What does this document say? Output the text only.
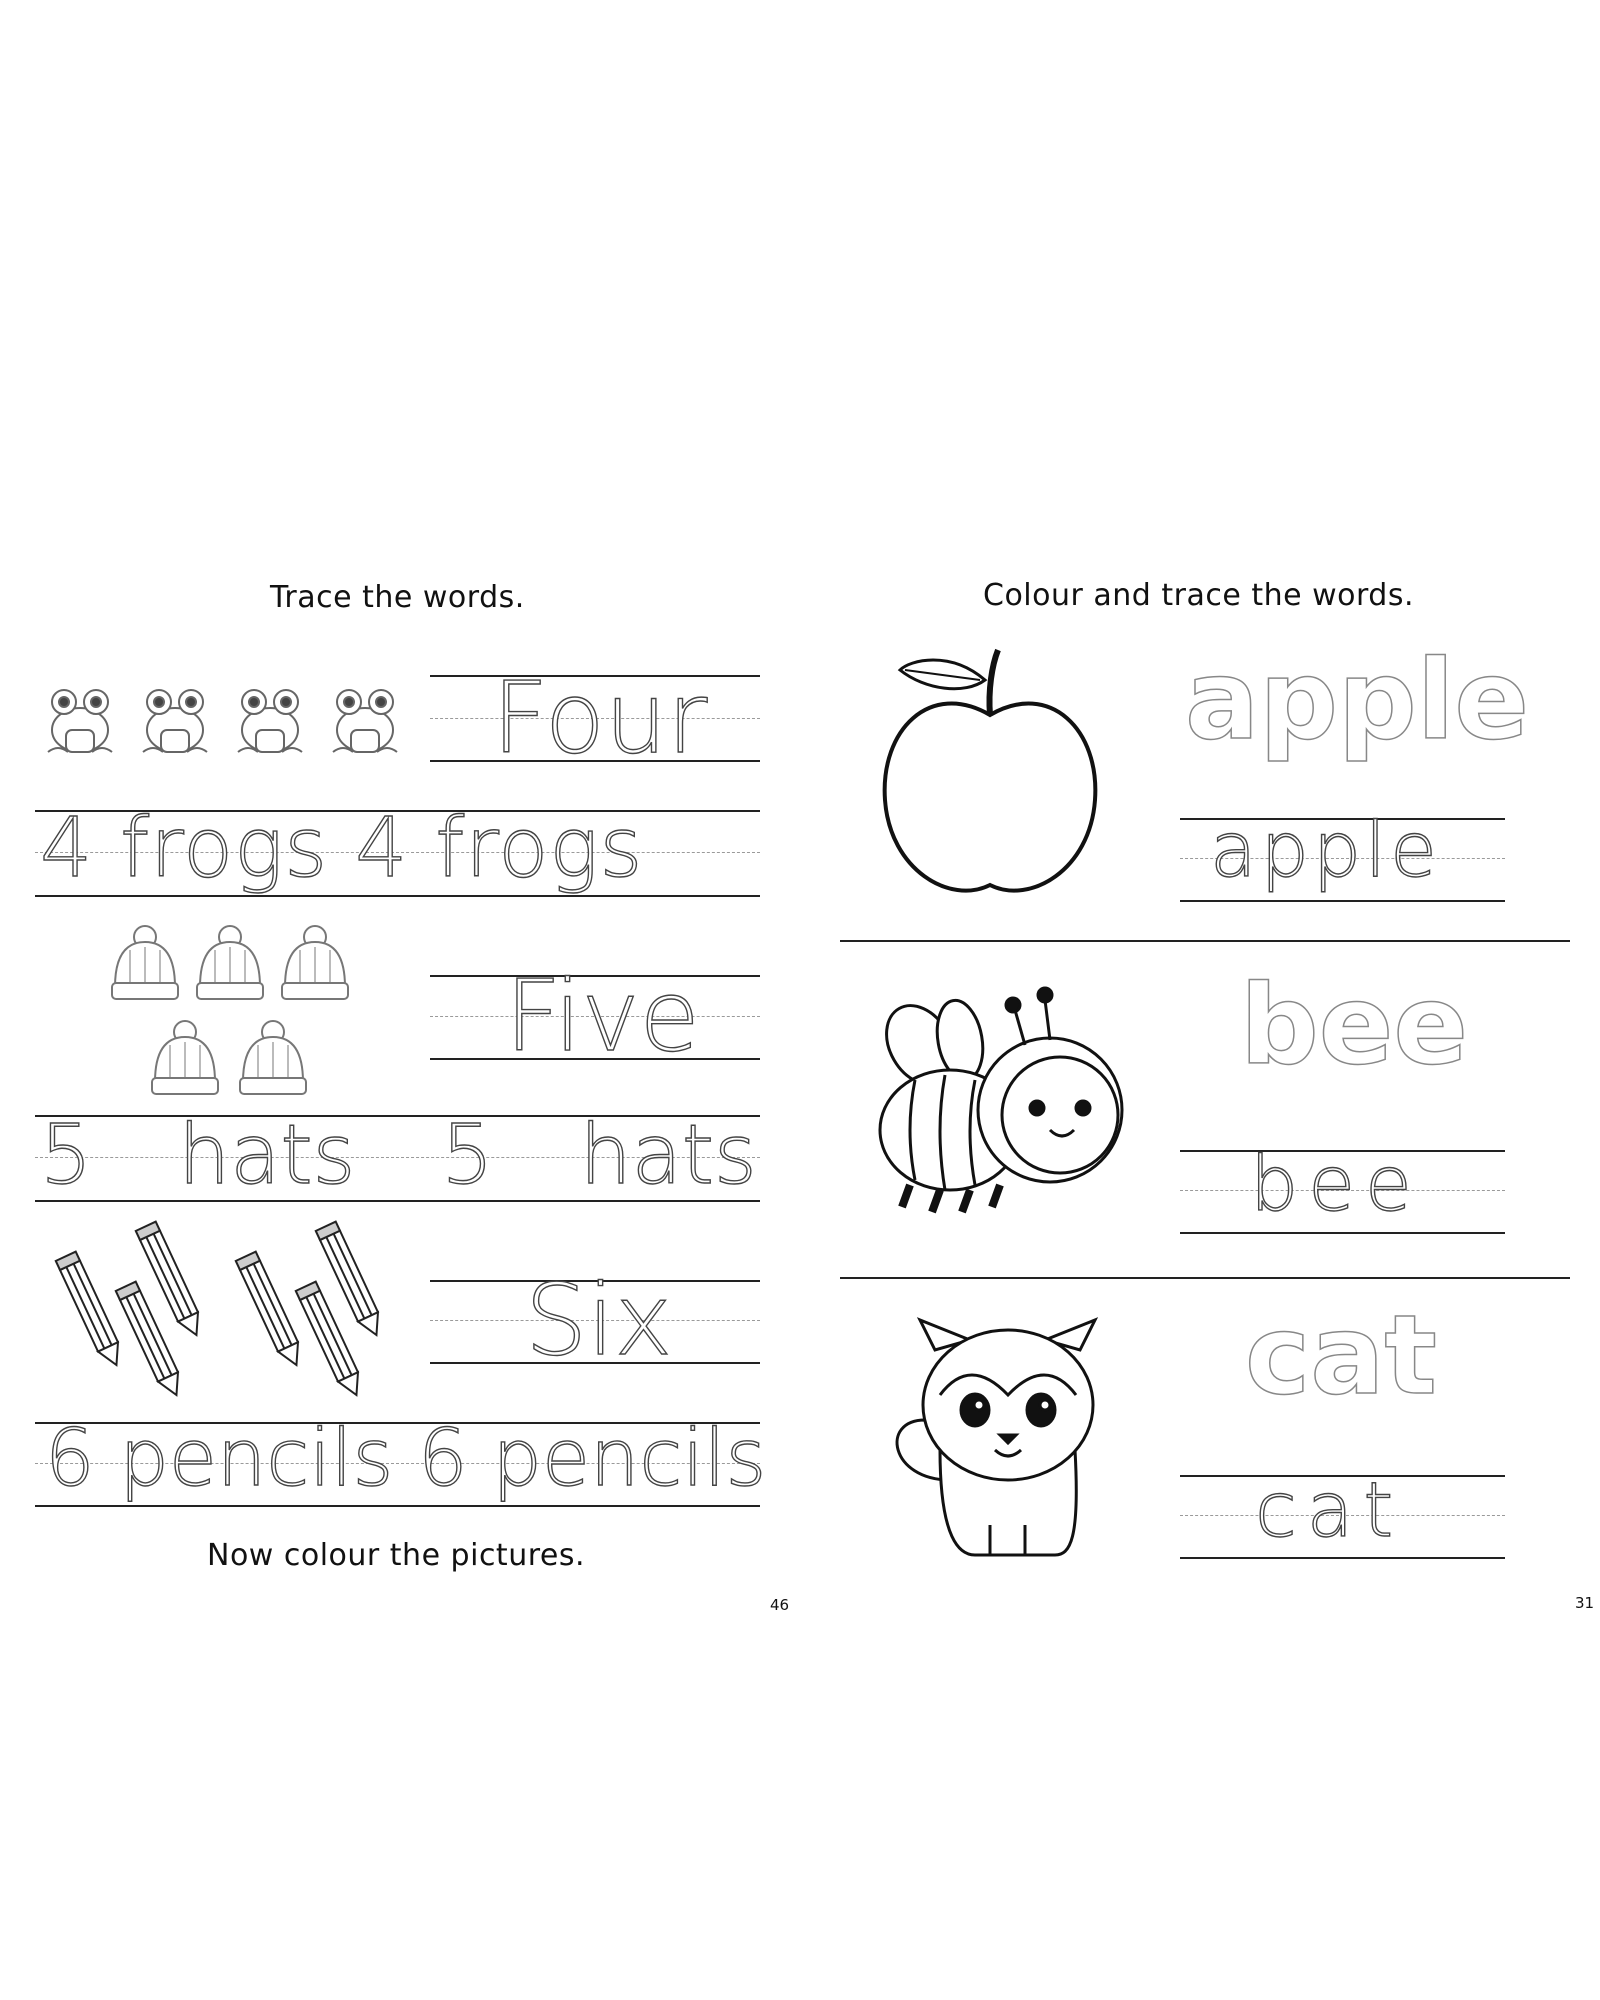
Trace the words.
Four
4 frogs 4 frogs
Five
5 hats 5 hats
Six
6 pencils 6 pencils
Now colour the pictures.
46
Colour and trace the words.
apple
apple
bee
bee
cat
cat
31
